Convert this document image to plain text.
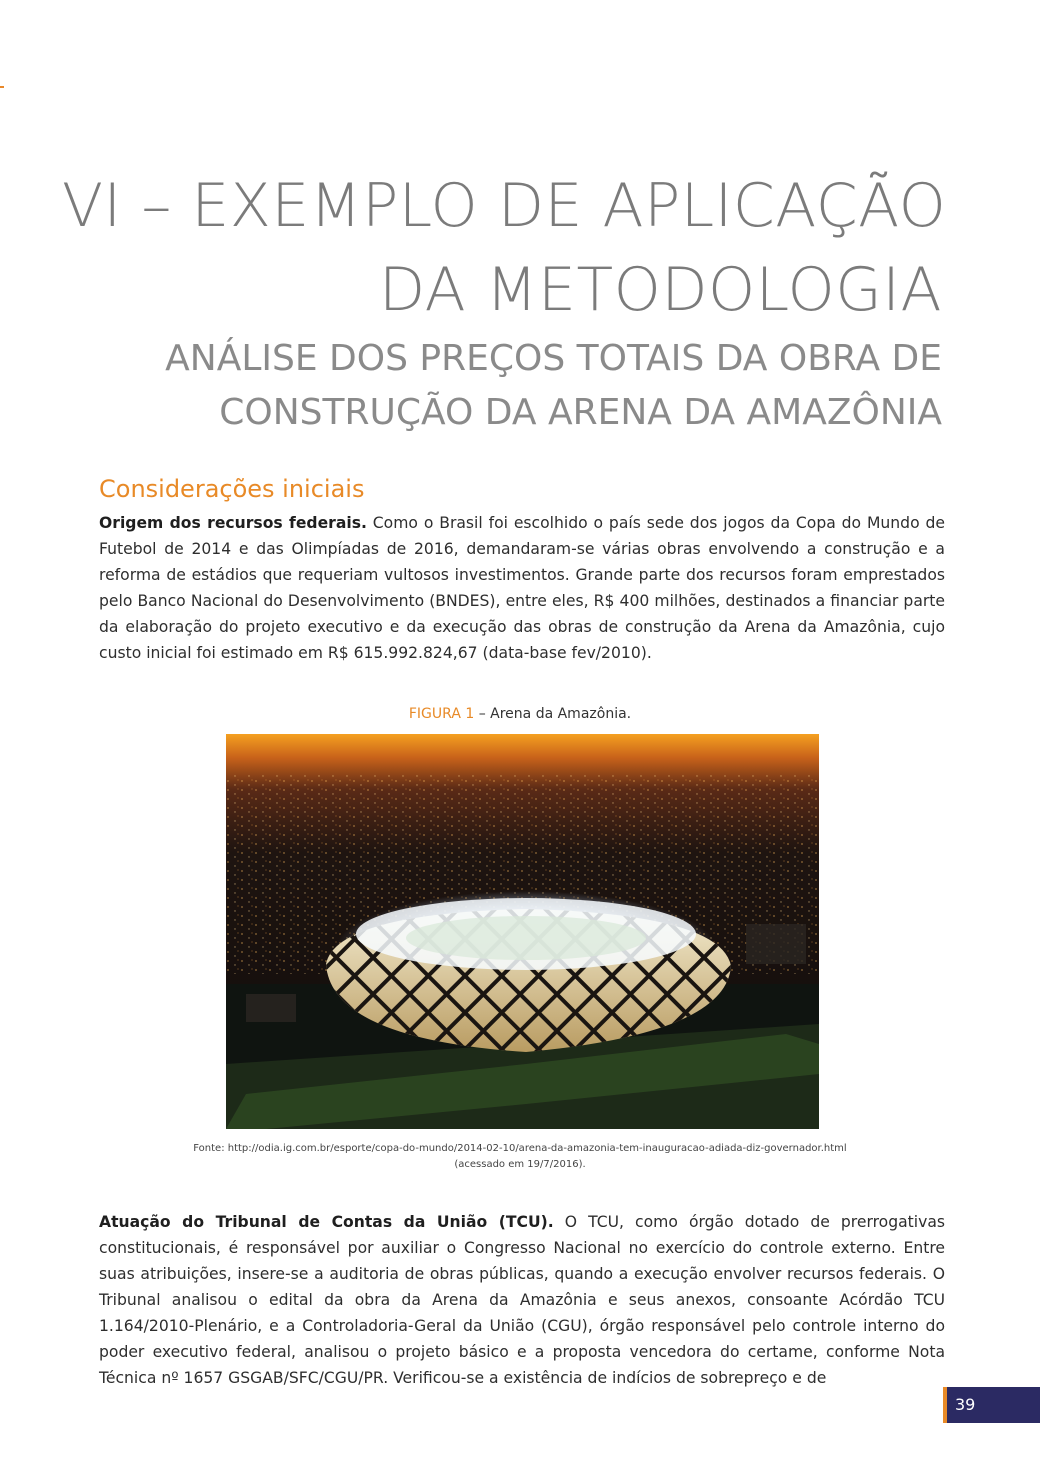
VI – EXEMPLO DE APLICAÇÃO
DA METODOLOGIA
ANÁLISE DOS PREÇOS TOTAIS DA OBRA DE
CONSTRUÇÃO DA ARENA DA AMAZÔNIA
Considerações iniciais
Origem dos recursos federais. Como o Brasil foi escolhido o país sede dos jogos da Copa do Mundo de Futebol de 2014 e das Olimpíadas de 2016, demandaram-se várias obras envolvendo a construção e a reforma de estádios que requeriam vultosos investimentos. Grande parte dos recursos foram emprestados pelo Banco Nacional do Desenvolvimento (BNDES), entre eles, R$ 400 milhões, destinados a financiar parte da elaboração do projeto executivo e da execução das obras de construção da Arena da Amazônia, cujo custo inicial foi estimado em R$ 615.992.824,67 (data-base fev/2010).
FIGURA 1 – Arena da Amazônia.
Fonte: http://odia.ig.com.br/esporte/copa-do-mundo/2014-02-10/arena-da-amazonia-tem-inauguracao-adiada-diz-governador.html
(acessado em 19/7/2016).
Atuação do Tribunal de Contas da União (TCU). O TCU, como órgão dotado de prerrogativas constitucionais, é responsável por auxiliar o Congresso Nacional no exercício do controle externo. Entre suas atribuições, insere-se a auditoria de obras públicas, quando a execução envolver recursos federais. O Tribunal analisou o edital da obra da Arena da Amazônia e seus anexos, consoante Acórdão TCU 1.164/2010-Plenário, e a Controladoria-Geral da União (CGU), órgão responsável pelo controle interno do poder executivo federal, analisou o projeto básico e a proposta vencedora do certame, conforme Nota Técnica nº 1657 GSGAB/SFC/CGU/PR. Verificou-se a existência de indícios de sobrepreço e de
39
